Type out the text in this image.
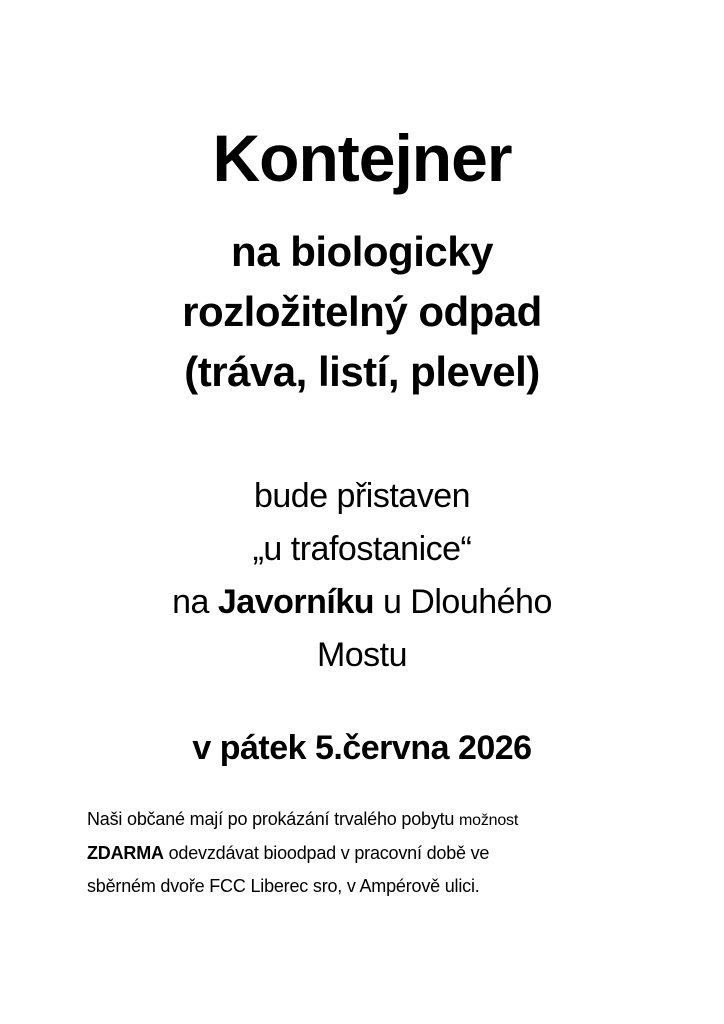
Kontejner
na biologicky
rozložitelný odpad
(tráva, listí, plevel)
bude přistaven
„u trafostanice“
na Javorníku u Dlouhého
Mostu
v pátek 5.června 2026
Naši občané mají po prokázání trvalého pobytu možnost
ZDARMA odevzdávat bioodpad v pracovní době ve
sběrném dvoře FCC Liberec sro, v Ampérově ulici.
